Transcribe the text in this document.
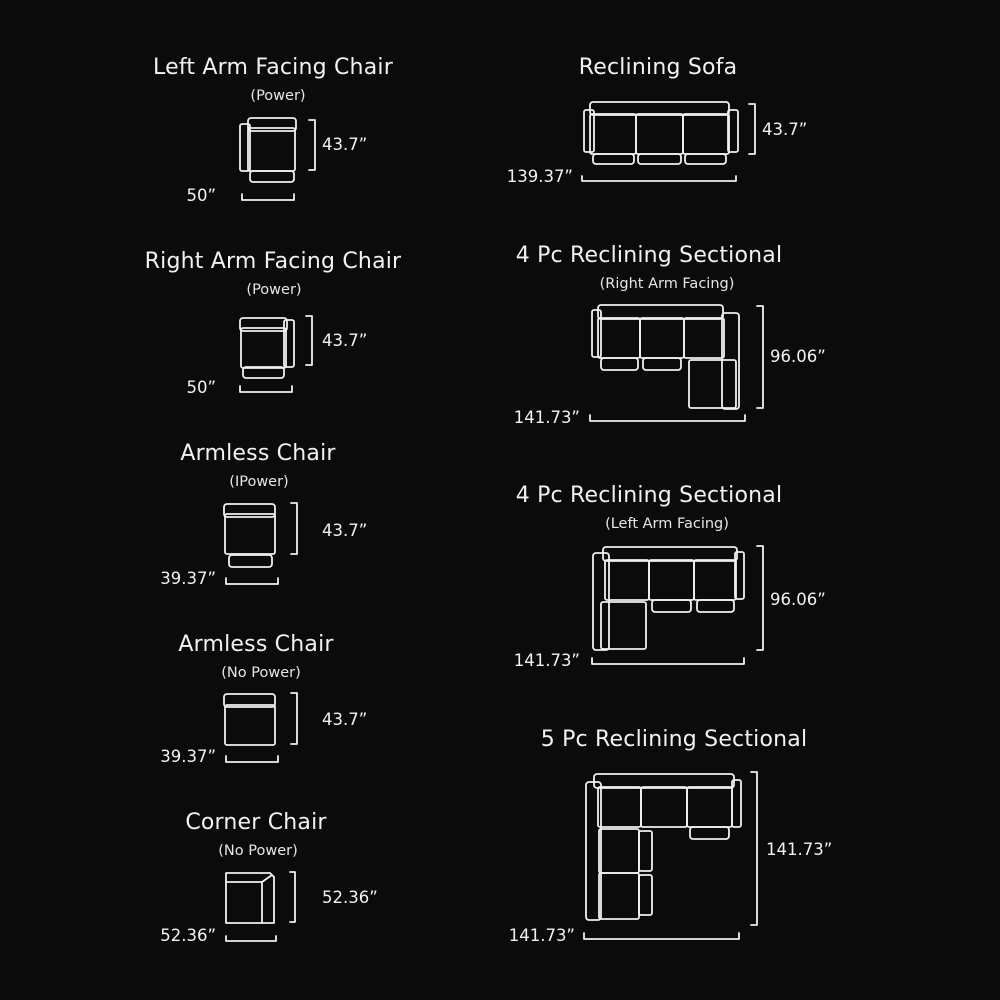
Left Arm Facing Chair
(Power)
Right Arm Facing Chair
(Power)
Armless Chair
(IPower)
Armless Chair
(No Power)
Corner Chair
(No Power)
Reclining Sofa
4 Pc Reclining Sectional
(Right Arm Facing)
4 Pc Reclining Sectional
(Left Arm Facing)
5 Pc Reclining Sectional
50”
43.7”
50”
43.7”
39.37”
43.7”
39.37”
43.7”
52.36”
52.36”
139.37”
43.7”
141.73”
96.06”
141.73”
96.06”
141.73”
141.73”
